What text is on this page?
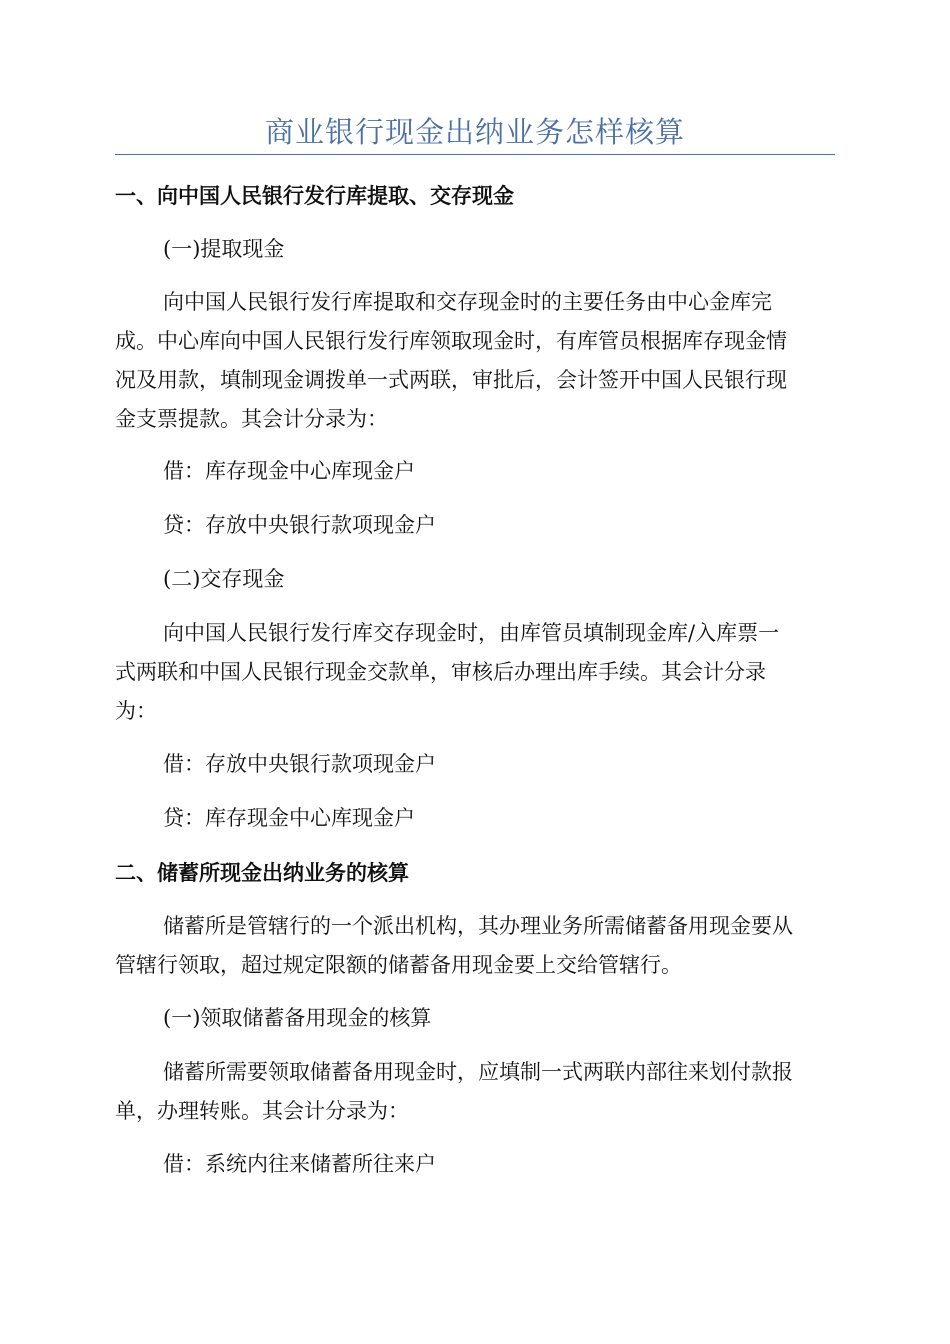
商业银行现金出纳业务怎样核算
一、向中国人民银行发行库提取、交存现金
(一)提取现金
向中国人民银行发行库提取和交存现金时的主要任务由中心金库完
成。中心库向中国人民银行发行库领取现金时，有库管员根据库存现金情
况及用款，填制现金调拨单一式两联，审批后，会计签开中国人民银行现
金支票提款。其会计分录为：
借：库存现金中心库现金户
贷：存放中央银行款项现金户
(二)交存现金
向中国人民银行发行库交存现金时，由库管员填制现金库/入库票一
式两联和中国人民银行现金交款单，审核后办理出库手续。其会计分录
为：
借：存放中央银行款项现金户
贷：库存现金中心库现金户
二、储蓄所现金出纳业务的核算
储蓄所是管辖行的一个派出机构，其办理业务所需储蓄备用现金要从
管辖行领取，超过规定限额的储蓄备用现金要上交给管辖行。
(一)领取储蓄备用现金的核算
储蓄所需要领取储蓄备用现金时，应填制一式两联内部往来划付款报
单，办理转账。其会计分录为：
借：系统内往来储蓄所往来户
